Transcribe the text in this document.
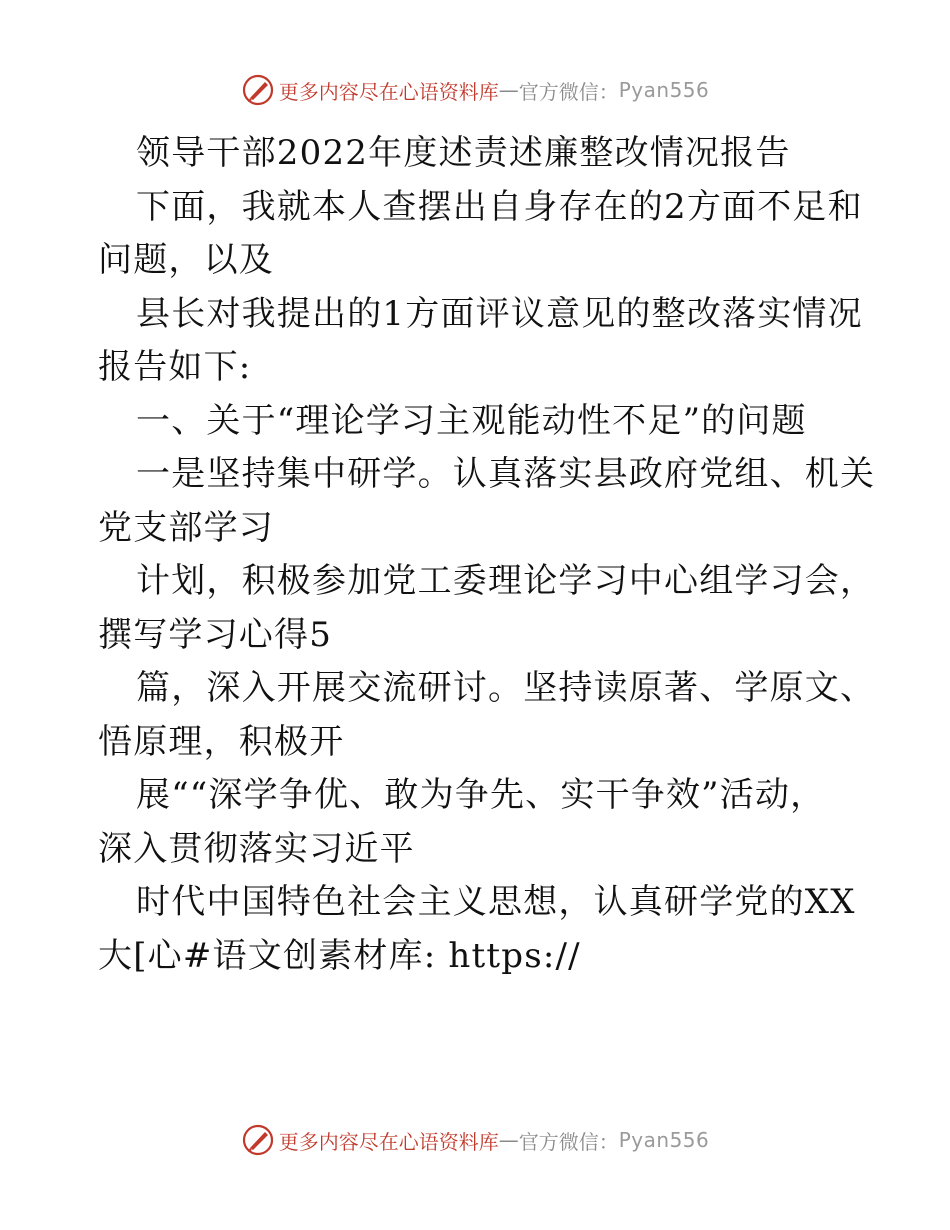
更多内容尽在心语资料库 — 官方微信： Pyan556
领导干部2022年度述责述廉整改情况报告
下面，我就本人查摆出自身存在的2方面不足和
问题，以及
县长对我提出的1方面评议意见的整改落实情况
报告如下:
一、关于“理论学习主观能动性不足”的问题
一是坚持集中研学。认真落实县政府党组、机关
党支部学习
计划，积极参加党工委理论学习中心组学习会，
撰写学习心得5
篇，深入开展交流研讨。坚持读原著、学原文、
悟原理，积极开
展““深学争优、敢为争先、实干争效”活动，
深入贯彻落实习近平
时代中国特色社会主义思想，认真研学党的XX
大[心#语文创素材库: https://
更多内容尽在心语资料库 — 官方微信： Pyan556
